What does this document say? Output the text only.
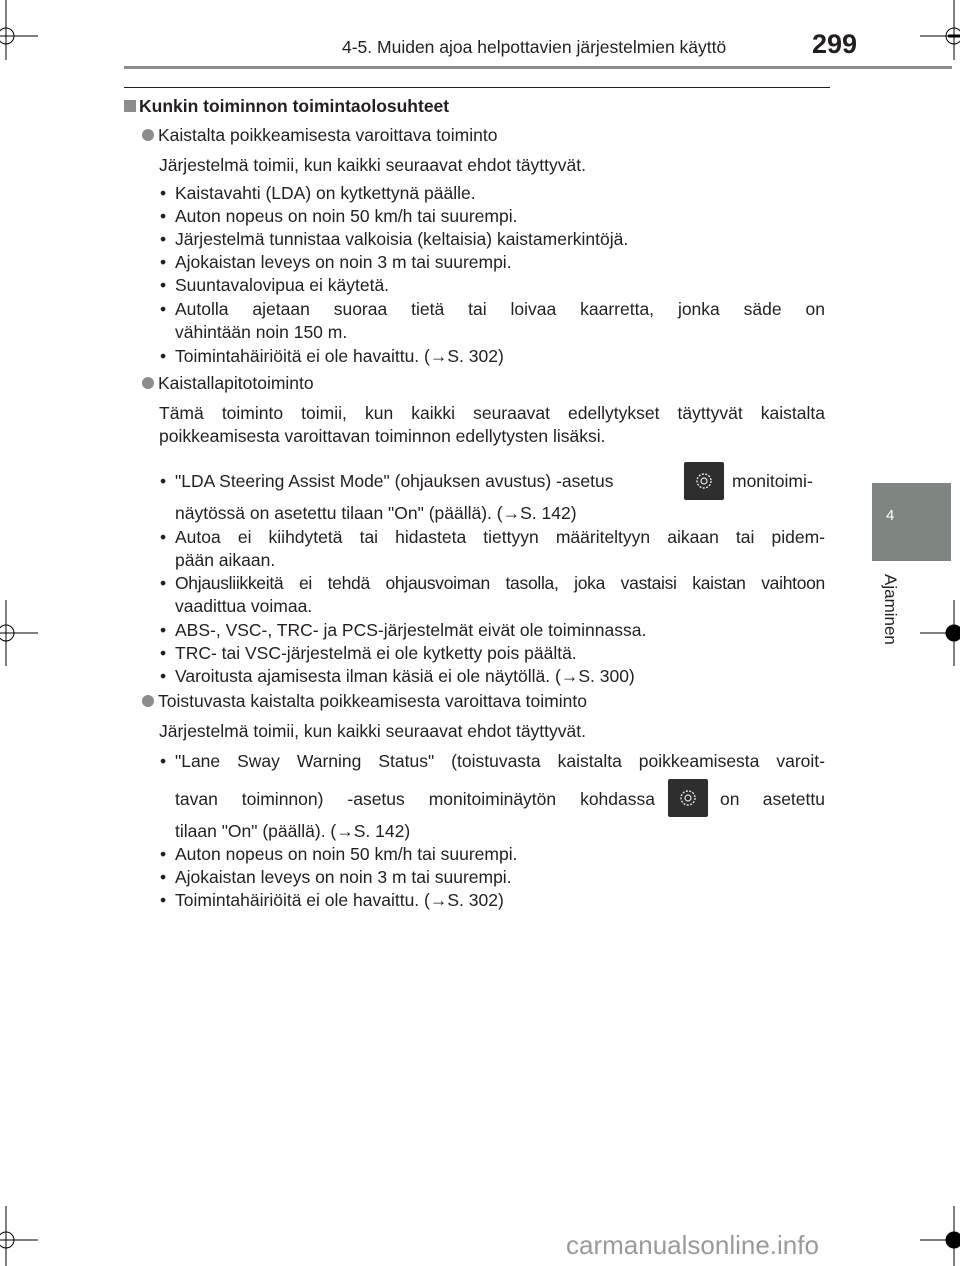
4-5. Muiden ajoa helpottavien järjestelmien käyttö	299
4
Ajaminen
Kunkin toiminnon toimintaolosuhteet
Kaistalta poikkeamisesta varoittava toiminto
Järjestelmä toimii, kun kaikki seuraavat ehdot täyttyvät.
• Kaistavahti (LDA) on kytkettynä päälle.
• Auton nopeus on noin 50 km/h tai suurempi.
• Järjestelmä tunnistaa valkoisia (keltaisia) kaistamerkintöjä.
• Ajokaistan leveys on noin 3 m tai suurempi.
• Suuntavalovipua ei käytetä.
• Autolla ajetaan suoraa tietä tai loivaa kaarretta, jonka säde on
vähintään noin 150 m.
• Toimintahäiriöitä ei ole havaittu. (→S. 302)
Kaistallapitotoiminto
Tämä toiminto toimii, kun kaikki seuraavat edellytykset täyttyvät kaistalta
poikkeamisesta varoittavan toiminnon edellytysten lisäksi.
• "LDA Steering Assist Mode" (ohjauksen avustus) -asetus	monitoimi-
näytössä on asetettu tilaan "On" (päällä). (→S. 142)
• Autoa ei kiihdytetä tai hidasteta tiettyyn määriteltyyn aikaan tai pidem-
pään aikaan.
• Ohjausliikkeitä ei tehdä ohjausvoiman tasolla, joka vastaisi kaistan vaihtoon
vaadittua voimaa.
• ABS-, VSC-, TRC- ja PCS-järjestelmät eivät ole toiminnassa.
• TRC- tai VSC-järjestelmä ei ole kytketty pois päältä.
• Varoitusta ajamisesta ilman käsiä ei ole näytöllä. (→S. 300)
Toistuvasta kaistalta poikkeamisesta varoittava toiminto
Järjestelmä toimii, kun kaikki seuraavat ehdot täyttyvät.
• "Lane Sway Warning Status" (toistuvasta kaistalta poikkeamisesta varoit-
tavan toiminnon) -asetus monitoiminäytön kohdassa	on asetettu
tilaan "On" (päällä). (→S. 142)
• Auton nopeus on noin 50 km/h tai suurempi.
• Ajokaistan leveys on noin 3 m tai suurempi.
• Toimintahäiriöitä ei ole havaittu. (→S. 302)
carmanualsonline.info
